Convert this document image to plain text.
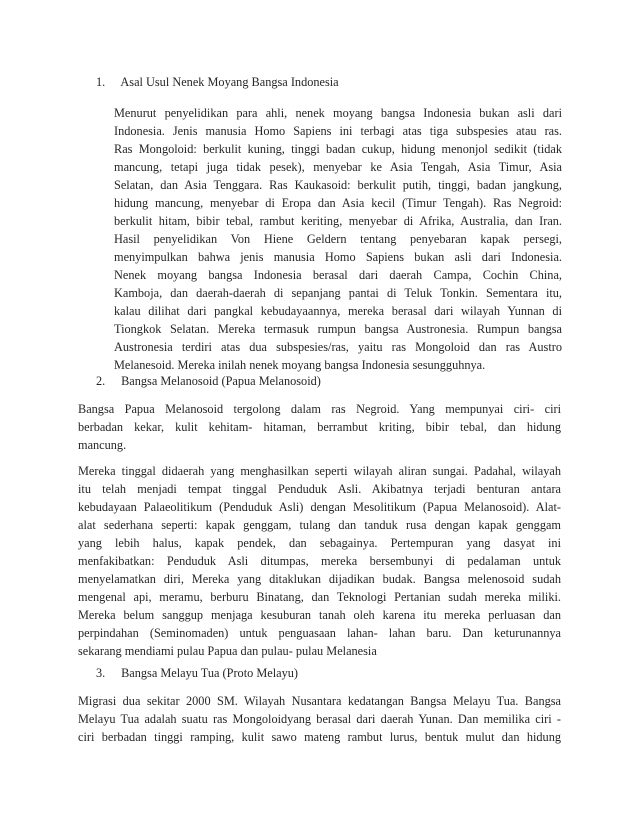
1. Asal Usul Nenek Moyang Bangsa Indonesia
Menurut penyelidikan para ahli, nenek moyang bangsa Indonesia bukan asli dari
Indonesia. Jenis manusia Homo Sapiens ini terbagi atas tiga subspesies atau ras.
Ras Mongoloid: berkulit kuning, tinggi badan cukup, hidung menonjol sedikit (tidak
mancung, tetapi juga tidak pesek), menyebar ke Asia Tengah, Asia Timur, Asia
Selatan, dan Asia Tenggara. Ras Kaukasoid: berkulit putih, tinggi, badan jangkung,
hidung mancung, menyebar di Eropa dan Asia kecil (Timur Tengah). Ras Negroid:
berkulit hitam, bibir tebal, rambut keriting, menyebar di Afrika, Australia, dan Iran.
Hasil penyelidikan Von Hiene Geldern tentang penyebaran kapak persegi,
menyimpulkan bahwa jenis manusia Homo Sapiens bukan asli dari Indonesia.
Nenek moyang bangsa Indonesia berasal dari daerah Campa, Cochin China,
Kamboja, dan daerah-daerah di sepanjang pantai di Teluk Tonkin. Sementara itu,
kalau dilihat dari pangkal kebudayaannya, mereka berasal dari wilayah Yunnan di
Tiongkok Selatan. Mereka termasuk rumpun bangsa Austronesia. Rumpun bangsa
Austronesia terdiri atas dua subspesies/ras, yaitu ras Mongoloid dan ras Austro
Melanesoid. Mereka inilah nenek moyang bangsa Indonesia sesungguhnya.
2. Bangsa Melanosoid (Papua Melanosoid)
Bangsa Papua Melanosoid tergolong dalam ras Negroid. Yang mempunyai ciri- ciri
berbadan kekar, kulit kehitam- hitaman, berrambut kriting, bibir tebal, dan hidung
mancung.
Mereka tinggal didaerah yang menghasilkan seperti wilayah aliran sungai. Padahal, wilayah
itu telah menjadi tempat tinggal Penduduk Asli. Akibatnya terjadi benturan antara
kebudayaan Palaeolitikum (Penduduk Asli) dengan Mesolitikum (Papua Melanosoid). Alat-
alat sederhana seperti: kapak genggam, tulang dan tanduk rusa dengan kapak genggam
yang lebih halus, kapak pendek, dan sebagainya. Pertempuran yang dasyat ini
menfakibatkan: Penduduk Asli ditumpas, mereka bersembunyi di pedalaman untuk
menyelamatkan diri, Mereka yang ditaklukan dijadikan budak. Bangsa melenosoid sudah
mengenal api, meramu, berburu Binatang, dan Teknologi Pertanian sudah mereka miliki.
Mereka belum sanggup menjaga kesuburan tanah oleh karena itu mereka perluasan dan
perpindahan (Seminomaden) untuk penguasaan lahan- lahan baru. Dan keturunannya
sekarang mendiami pulau Papua dan pulau- pulau Melanesia
3. Bangsa Melayu Tua (Proto Melayu)
Migrasi dua sekitar 2000 SM. Wilayah Nusantara kedatangan Bangsa Melayu Tua. Bangsa
Melayu Tua adalah suatu ras Mongoloidyang berasal dari daerah Yunan. Dan memilika ciri -
ciri berbadan tinggi ramping, kulit sawo mateng rambut lurus, bentuk mulut dan hidung
